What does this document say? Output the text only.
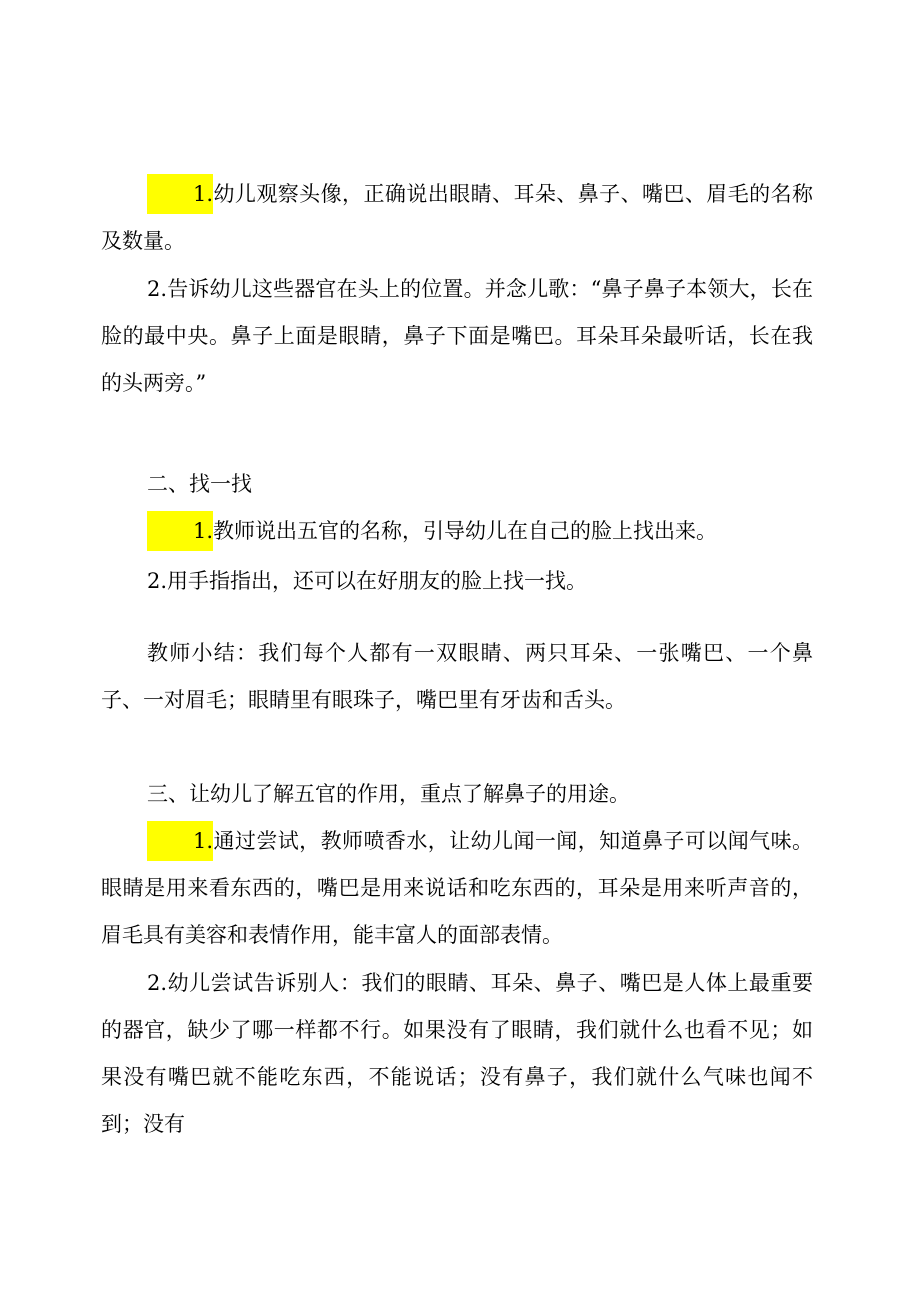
1.幼儿观察头像，正确说出眼睛、耳朵、鼻子、嘴巴、眉毛的名称及数量。

2.告诉幼儿这些器官在头上的位置。并念儿歌：“鼻子鼻子本领大，长在脸的最中央。鼻子上面是眼睛，鼻子下面是嘴巴。耳朵耳朵最听话，长在我的头两旁。”

二、找一找

1.教师说出五官的名称，引导幼儿在自己的脸上找出来。

2.用手指指出，还可以在好朋友的脸上找一找。

教师小结：我们每个人都有一双眼睛、两只耳朵、一张嘴巴、一个鼻子、一对眉毛；眼睛里有眼珠子，嘴巴里有牙齿和舌头。

三、让幼儿了解五官的作用，重点了解鼻子的用途。

1.通过尝试，教师喷香水，让幼儿闻一闻，知道鼻子可以闻气味。眼睛是用来看东西的，嘴巴是用来说话和吃东西的，耳朵是用来听声音的，眉毛具有美容和表情作用，能丰富人的面部表情。

2.幼儿尝试告诉别人：我们的眼睛、耳朵、鼻子、嘴巴是人体上最重要的器官，缺少了哪一样都不行。如果没有了眼睛，我们就什么也看不见；如果没有嘴巴就不能吃东西，不能说话；没有鼻子，我们就什么气味也闻不到；没有
